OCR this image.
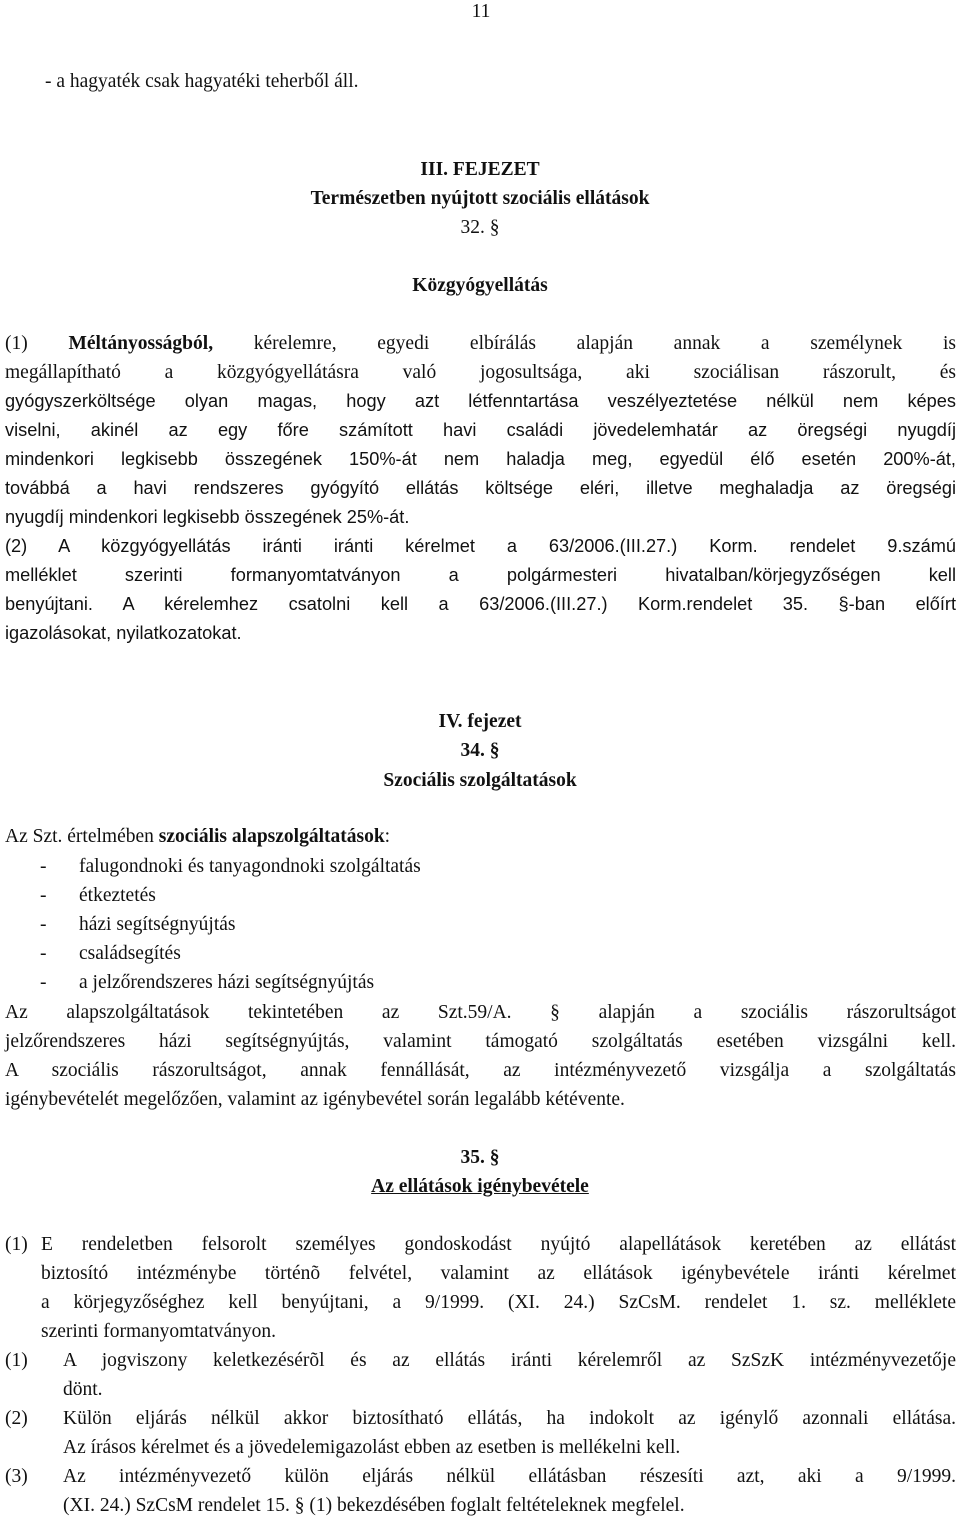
11
- a hagyaték csak hagyatéki teherből áll.
III. FEJEZET
Természetben nyújtott szociális ellátások
32. §
Közgyógyellátás
(1) Méltányosságból, kérelemre, egyedi elbírálás alapján annak a személynek is
megállapítható a közgyógyellátásra való jogosultsága, aki szociálisan rászorult, és
gyógyszerköltsége olyan magas, hogy azt létfenntartása veszélyeztetése nélkül nem képes
viselni, akinél az egy főre számított havi családi jövedelemhatár az öregségi nyugdíj
mindenkori legkisebb összegének 150%-át nem haladja meg, egyedül élő esetén 200%-át,
továbbá a havi rendszeres gyógyító ellátás költsége eléri, illetve meghaladja az öregségi
nyugdíj mindenkori legkisebb összegének 25%-át.
(2) A közgyógyellátás iránti iránti kérelmet a 63/2006.(III.27.) Korm. rendelet 9.számú
melléklet szerinti formanyomtatványon a polgármesteri hivatalban/körjegyzőségen kell
benyújtani. A kérelemhez csatolni kell a 63/2006.(III.27.) Korm.rendelet 35. §-ban előírt
igazolásokat, nyilatkozatokat.
IV. fejezet
34. §
Szociális szolgáltatások
Az Szt. értelmében szociális alapszolgáltatások:
-	falugondnoki és tanyagondnoki szolgáltatás
-	étkeztetés
-	házi segítségnyújtás
-	családsegítés
-	a jelzőrendszeres házi segítségnyújtás
Az alapszolgáltatások tekintetében az Szt.59/A. § alapján a szociális rászorultságot
jelzőrendszeres házi segítségnyújtás, valamint támogató szolgáltatás esetében vizsgálni kell.
A szociális rászorultságot, annak fennállását, az intézményvezető vizsgálja a szolgáltatás
igénybevételét megelőzően, valamint az igénybevétel során legalább kétévente.
35. §
Az ellátások igénybevétele
(1) E rendeletben felsorolt személyes gondoskodást nyújtó alapellátások keretében az ellátást
biztosító intézménybe történõ felvétel, valamint az ellátások igénybevétele iránti kérelmet
a körjegyzőséghez kell benyújtani, a 9/1999. (XI. 24.) SzCsM. rendelet 1. sz. melléklete
szerinti formanyomtatványon.
(1)	A jogviszony keletkezésérõl és az ellátás iránti kérelemről az SzSzK intézményvezetője
dönt.
(2)	Külön eljárás nélkül akkor biztosítható ellátás, ha indokolt az igénylő azonnali ellátása.
Az írásos kérelmet és a jövedelemigazolást ebben az esetben is mellékelni kell.
(3)	Az intézményvezető külön eljárás nélkül ellátásban részesíti azt, aki a 9/1999.
(XI. 24.) SzCsM rendelet 15. § (1) bekezdésében foglalt feltételeknek megfelel.
